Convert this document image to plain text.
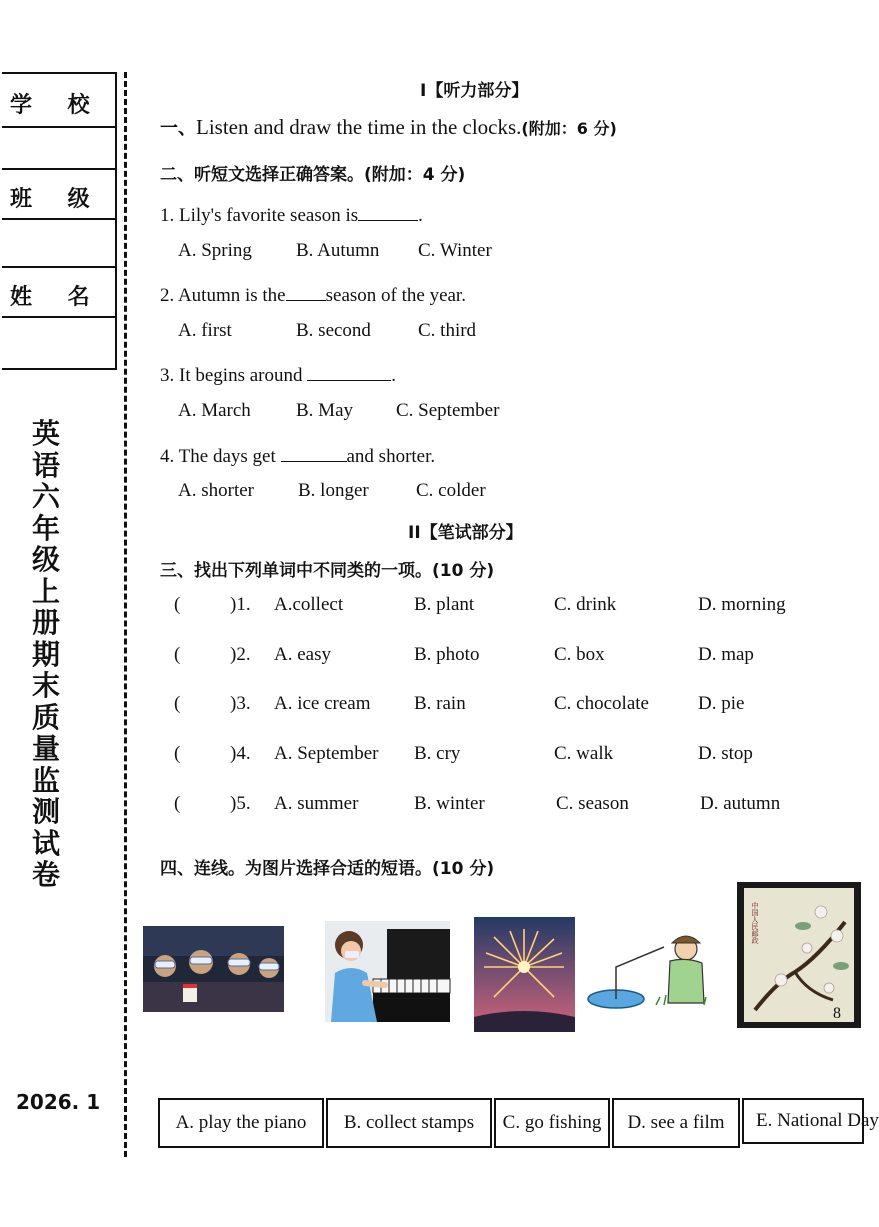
学 校
班 级
姓 名
英
语
六
年
级
上
册
期
末
质
量
监
测
试
卷
2026. 1
I【听力部分】
一、Listen and draw the time in the clocks.(附加：6 分)
二、听短文选择正确答案。(附加：4 分)
1. Lily's favorite season is	.
A. Spring B. Autumn C. Winter
2. Autumn is the season of the year.
A. first	B. second C. third
3. It begins around	.
A. March B. May C. September
4. The days get	and shorter.
A. shorter B. longer C. colder
II【笔试部分】
三、找出下列单词中不同类的一项。(10 分)
(	)1. A.collect	B. plant	C. drink	D. morning
(	)2. A. easy	B. photo	C. box	D. map
(	)3. A. ice cream B. rain	C. chocolate	D. pie
(	)4. A. September B. cry	C. walk	D. stop
(	)5. A. summer	B. winter	C. season	D. autumn
四、连线。为图片选择合适的短语。(10 分)
中国人民邮政
8
A. play the piano	B. collect stamps	C. go fishing	D. see a film	E. National Day
